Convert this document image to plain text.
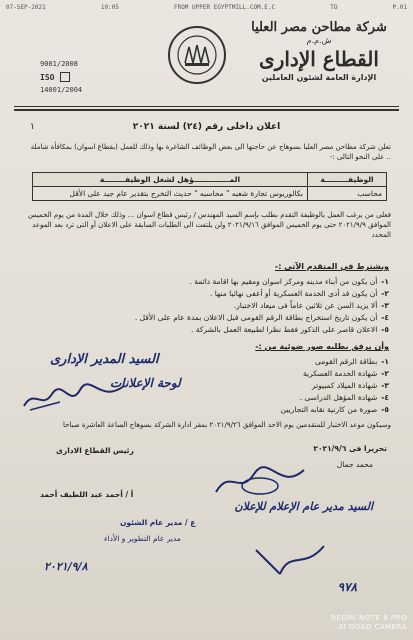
07-SEP-2021	10:05	FROM UPPER EGYPTMILL.COM.E.C	TO	P.01
شركة مطاحن مصر العليا
ش.م.م
القطاع الإدارى
الإدارة العامة لشئون العاملين
9001/2008
ISO
14001/2004
١	اعلان داخلى رقم (٢٤) لسنة ٢٠٢١
تعلن شركة مطاحن مصر العليا بسوهاج عن حاجتها الى بعض الوظائف الشاغرة بها وذلك للعمل (بقطاع اسوان) بمكافأة شاملة .. على النحو التالى :-
الوظيفـــــــــة	المــــــــــــــؤهل لشغل الوظيفــــــــة
محاسب	بكالوريوس تجارة شعبه " محاسبه " حديث التخرج بتقدير عام جيد على الأقل
فعلى من يرغب العمل بالوظيفة التقدم بطلب بإسم السيد المهندس / رئيس قطاع اسوان ... وذلك خلال المدة من يوم الخميس الموافق ٢٠٢١/٩/٩ حتى يوم الخميس الموافق ٢٠٢١/٩/١٦ ولن يلتفت الى الطلبات السابقة على الاعلان أو التى ترد بعد الموعد المحدد
ويشترط في المتقدم الآتى :-
١-أن يكون من أبناء مدينه ومركز اسوان ومقيم بها اقامة دائمة .
٢-أن يكون قد أدى الخدمة العسكرية أو أعفى نهائيا منها .
٣-ألا يزيد السن عن ثلاثين عاماً فى ميعاد الاختبار.
٤-أن يكون تاريخ استخراج بطاقة الرقم القومى قبل الاعلان بمدة عام على الأقل .
٥-الاعلان قاصر على الذكور فقط نظرا لطبيعة العمل بالشركة .
وأن يرفق بطلبه صور ضوئية من :-
السيد المدير الإدارى
لوحة الإعلانات
١-بطاقة الرقم القومى
٢-شهادة الخدمة العسكرية
٣-شهادة الميلاد كمبيوتر
٤-شهادة المؤهل الدراسى .
٥-صورة من كارنية نقابه التجاريين
وسيكون موعد الاختبار للمتقدمين يوم الاحد الموافق ٢٠٢١/٩/٢٦ بمقر ادارة الشركة بسوهاج الساعة العاشرة صباحا
تحريرا فى ٢٠٢١/٩/٦
رئيس القطاع الادارى
محمد جمال
أ / أحمد عبد اللطيف أحمد
السيد مدير عام الإعلام للإعلان
ع / مدير عام الشئون
مدير عام التطوير و الأداء
٢٠٢١/٩/٨
٩٧٨
REDMI NOTE 8 PRO
AI QUAD CAMERA
